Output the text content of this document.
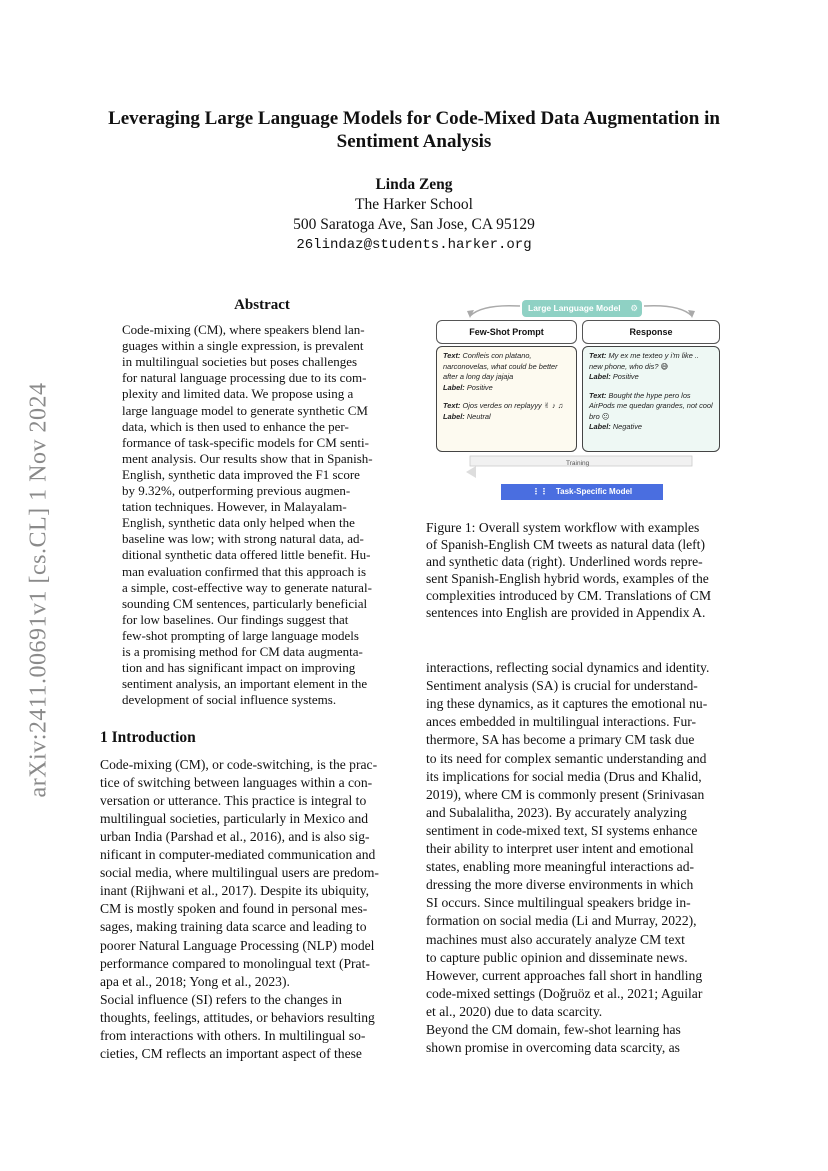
arXiv:2411.00691v1 [cs.CL] 1 Nov 2024
Leveraging Large Language Models for Code-Mixed Data Augmentation in
Sentiment Analysis
Linda Zeng
The Harker School
500 Saratoga Ave, San Jose, CA 95129
26lindaz@students.harker.org
Abstract
Code-mixing (CM), where speakers blend lan-
guages within a single expression, is prevalent
in multilingual societies but poses challenges
for natural language processing due to its com-
plexity and limited data. We propose using a
large language model to generate synthetic CM
data, which is then used to enhance the per-
formance of task-specific models for CM senti-
ment analysis. Our results show that in Spanish-
English, synthetic data improved the F1 score
by 9.32%, outperforming previous augmen-
tation techniques. However, in Malayalam-
English, synthetic data only helped when the
baseline was low; with strong natural data, ad-
ditional synthetic data offered little benefit. Hu-
man evaluation confirmed that this approach is
a simple, cost-effective way to generate natural-
sounding CM sentences, particularly beneficial
for low baselines. Our findings suggest that
few-shot prompting of large language models
is a promising method for CM data augmenta-
tion and has significant impact on improving
sentiment analysis, an important element in the
development of social influence systems.
Large Language Model ⚙
Few-Shot Prompt	Response
Text: Confleis con platano, narconovelas, what could be better after a long day jajaja
Label: Positive
Text: Ojos verdes on replayyy ✌ ♪ ♫
Label: Neutral
Text: My ex me texteo y i'm like .. new phone, who dis? 😅
Label: Positive
Text: Bought the hype pero los AirPods me quedan grandes, not cool bro 😐
Label: Negative
Training
⋮⋮ Task-Specific Model
Figure 1: Overall system workflow with examples
of Spanish-English CM tweets as natural data (left)
and synthetic data (right). Underlined words repre-
sent Spanish-English hybrid words, examples of the
complexities introduced by CM. Translations of CM
sentences into English are provided in Appendix A.
1 Introduction
Code-mixing (CM), or code-switching, is the prac-
tice of switching between languages within a con-
versation or utterance. This practice is integral to
multilingual societies, particularly in Mexico and
urban India (Parshad et al., 2016), and is also sig-
nificant in computer-mediated communication and
social media, where multilingual users are predom-
inant (Rijhwani et al., 2017). Despite its ubiquity,
CM is mostly spoken and found in personal mes-
sages, making training data scarce and leading to
poorer Natural Language Processing (NLP) model
performance compared to monolingual text (Prat-
apa et al., 2018; Yong et al., 2023).
Social influence (SI) refers to the changes in
thoughts, feelings, attitudes, or behaviors resulting
from interactions with others. In multilingual so-
cieties, CM reflects an important aspect of these
interactions, reflecting social dynamics and identity.
Sentiment analysis (SA) is crucial for understand-
ing these dynamics, as it captures the emotional nu-
ances embedded in multilingual interactions. Fur-
thermore, SA has become a primary CM task due
to its need for complex semantic understanding and
its implications for social media (Drus and Khalid,
2019), where CM is commonly present (Srinivasan
and Subalalitha, 2023). By accurately analyzing
sentiment in code-mixed text, SI systems enhance
their ability to interpret user intent and emotional
states, enabling more meaningful interactions ad-
dressing the more diverse environments in which
SI occurs. Since multilingual speakers bridge in-
formation on social media (Li and Murray, 2022),
machines must also accurately analyze CM text
to capture public opinion and disseminate news.
However, current approaches fall short in handling
code-mixed settings (Doğruöz et al., 2021; Aguilar
et al., 2020) due to data scarcity.
Beyond the CM domain, few-shot learning has
shown promise in overcoming data scarcity, as
